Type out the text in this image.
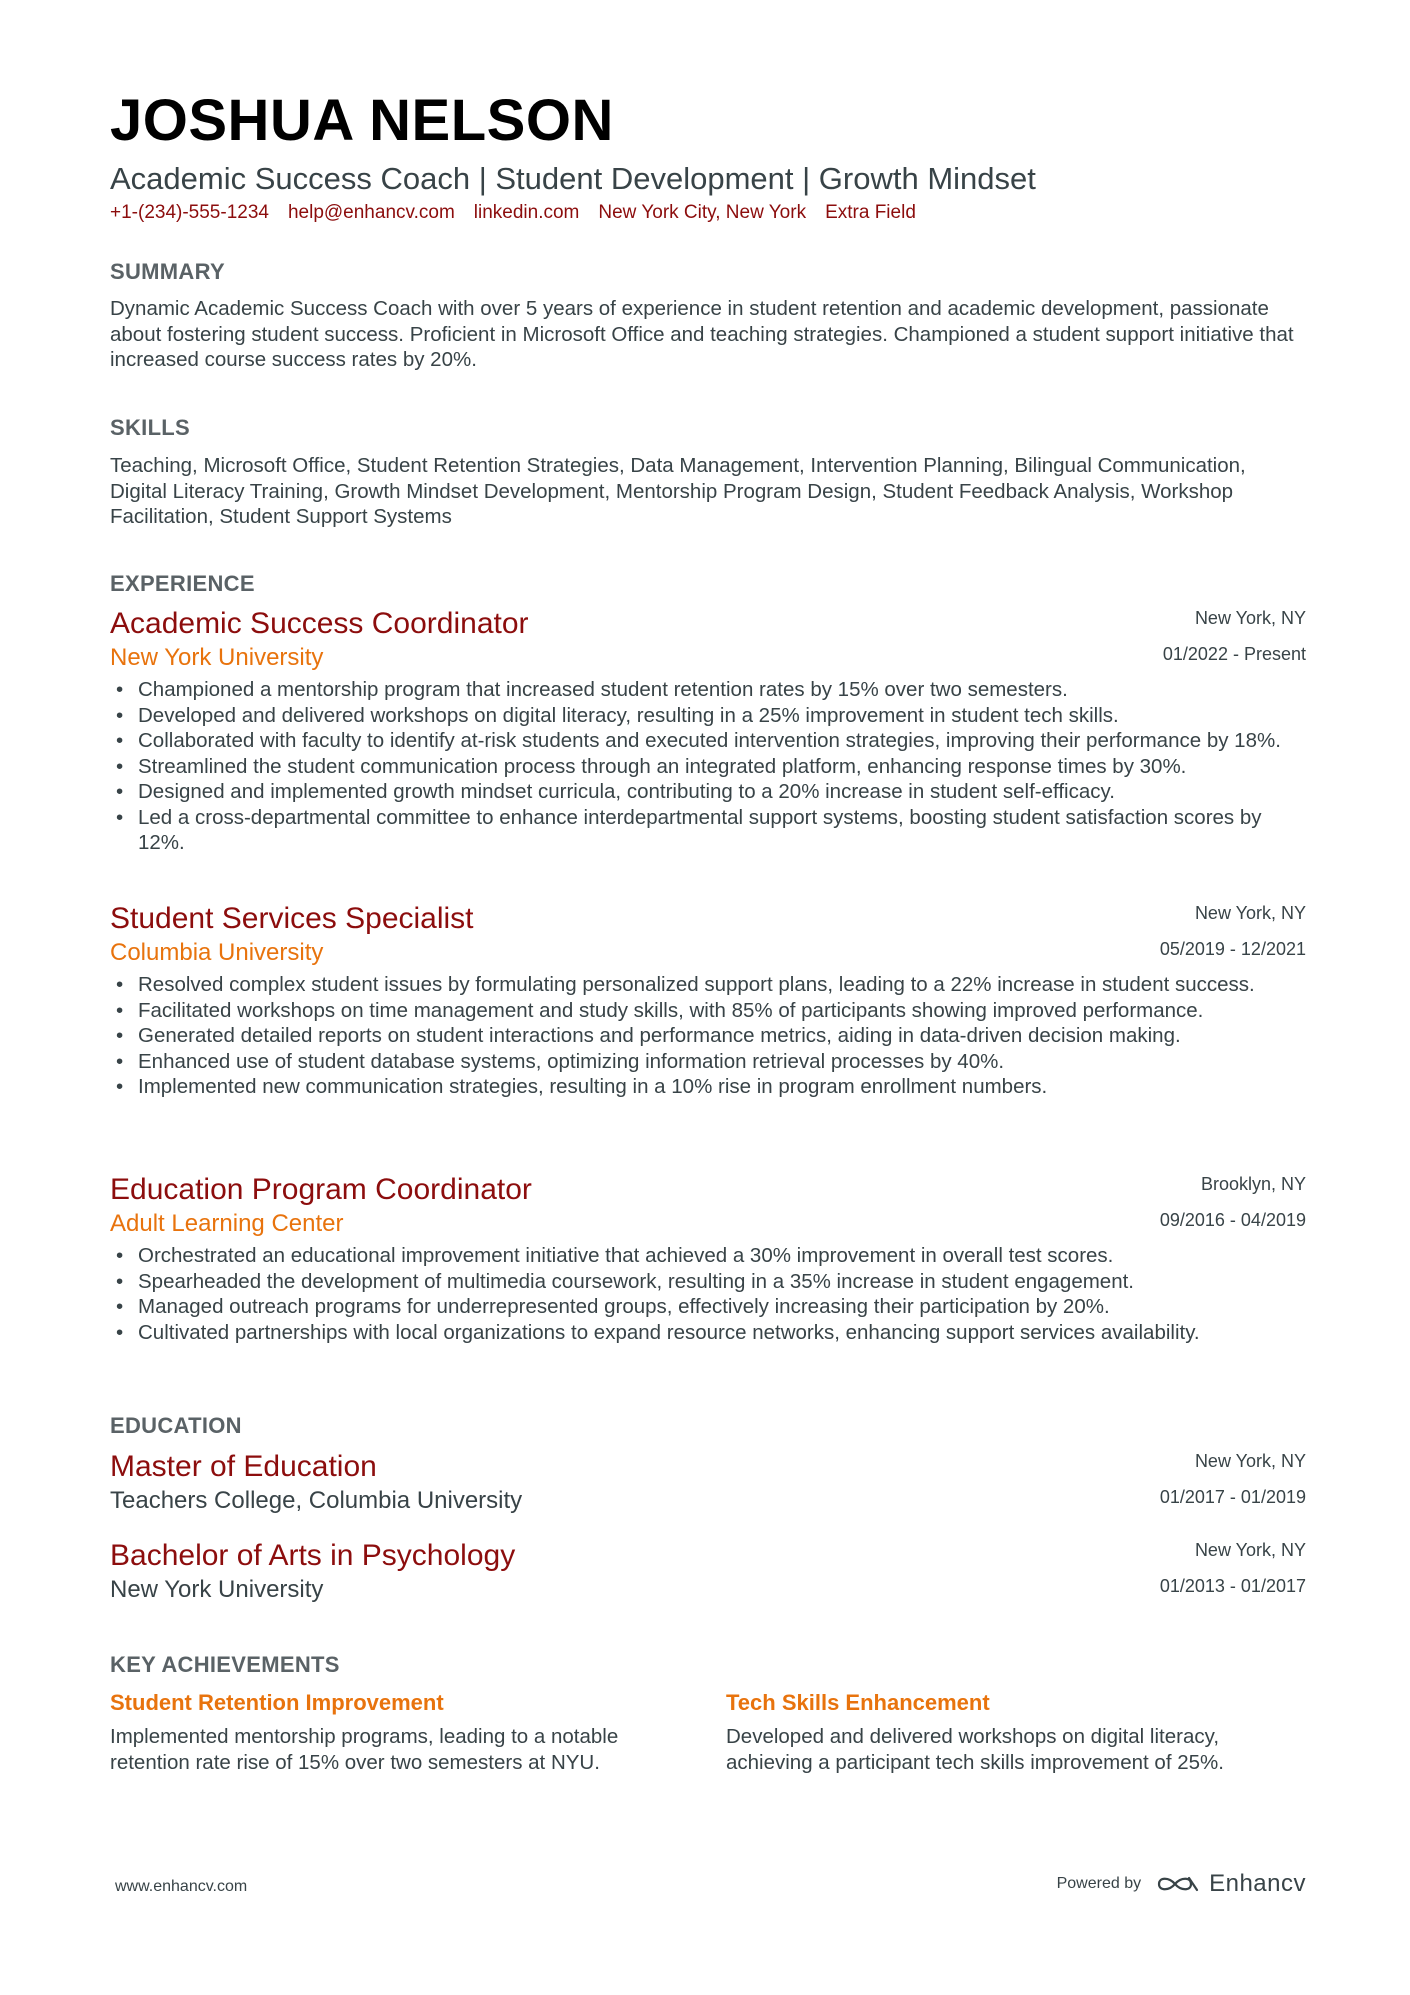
JOSHUA NELSON
Academic Success Coach | Student Development | Growth Mindset
+1-(234)-555-1234 help@enhancv.com linkedin.com New York City, New York Extra Field
SUMMARY
Dynamic Academic Success Coach with over 5 years of experience in student retention and academic development, passionate about fostering student success. Proficient in Microsoft Office and teaching strategies. Championed a student support initiative that increased course success rates by 20%.
SKILLS
Teaching, Microsoft Office, Student Retention Strategies, Data Management, Intervention Planning, Bilingual Communication, Digital Literacy Training, Growth Mindset Development, Mentorship Program Design, Student Feedback Analysis, Workshop Facilitation, Student Support Systems
EXPERIENCE
Academic Success Coordinator
New York University
New York, NY
01/2022 - Present
• Championed a mentorship program that increased student retention rates by 15% over two semesters.
• Developed and delivered workshops on digital literacy, resulting in a 25% improvement in student tech skills.
• Collaborated with faculty to identify at-risk students and executed intervention strategies, improving their performance by 18%.
• Streamlined the student communication process through an integrated platform, enhancing response times by 30%.
• Designed and implemented growth mindset curricula, contributing to a 20% increase in student self-efficacy.
• Led a cross-departmental committee to enhance interdepartmental support systems, boosting student satisfaction scores by 12%.
Student Services Specialist
Columbia University
New York, NY
05/2019 - 12/2021
• Resolved complex student issues by formulating personalized support plans, leading to a 22% increase in student success.
• Facilitated workshops on time management and study skills, with 85% of participants showing improved performance.
• Generated detailed reports on student interactions and performance metrics, aiding in data-driven decision making.
• Enhanced use of student database systems, optimizing information retrieval processes by 40%.
• Implemented new communication strategies, resulting in a 10% rise in program enrollment numbers.
Education Program Coordinator
Adult Learning Center
Brooklyn, NY
09/2016 - 04/2019
• Orchestrated an educational improvement initiative that achieved a 30% improvement in overall test scores.
• Spearheaded the development of multimedia coursework, resulting in a 35% increase in student engagement.
• Managed outreach programs for underrepresented groups, effectively increasing their participation by 20%.
• Cultivated partnerships with local organizations to expand resource networks, enhancing support services availability.
EDUCATION
Master of Education
Teachers College, Columbia University
New York, NY
01/2017 - 01/2019
Bachelor of Arts in Psychology
New York University
New York, NY
01/2013 - 01/2017
KEY ACHIEVEMENTS
Student Retention Improvement
Implemented mentorship programs, leading to a notable retention rate rise of 15% over two semesters at NYU.
Tech Skills Enhancement
Developed and delivered workshops on digital literacy, achieving a participant tech skills improvement of 25%.
www.enhancv.com	Powered by	Enhancv
